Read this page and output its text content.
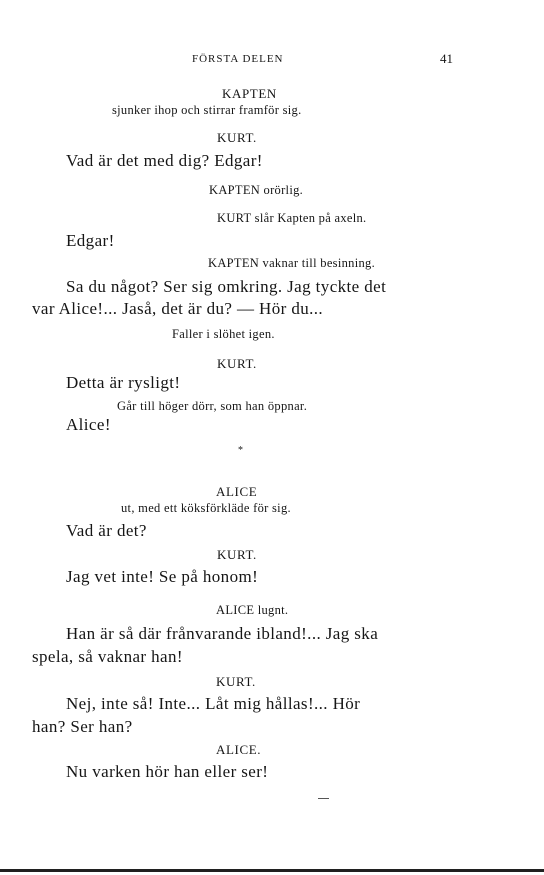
FÖRSTA DELEN	41
KAPTEN
sjunker ihop och stirrar framför sig.
KURT.
Vad är det med dig? Edgar!
KAPTEN orörlig.
KURT slår Kapten på axeln.
Edgar!
KAPTEN vaknar till besinning.
Sa du något? Ser sig omkring. Jag tyckte det
var Alice!... Jaså, det är du? — Hör du...
Faller i slöhet igen.
KURT.
Detta är rysligt!
Går till höger dörr, som han öppnar.
Alice!
*
ALICE
ut, med ett köksförkläde för sig.
Vad är det?
KURT.
Jag vet inte! Se på honom!
ALICE lugnt.
Han är så där frånvarande ibland!... Jag ska
spela, så vaknar han!
KURT.
Nej, inte så! Inte... Låt mig hållas!... Hör
han? Ser han?
ALICE.
Nu varken hör han eller ser!
